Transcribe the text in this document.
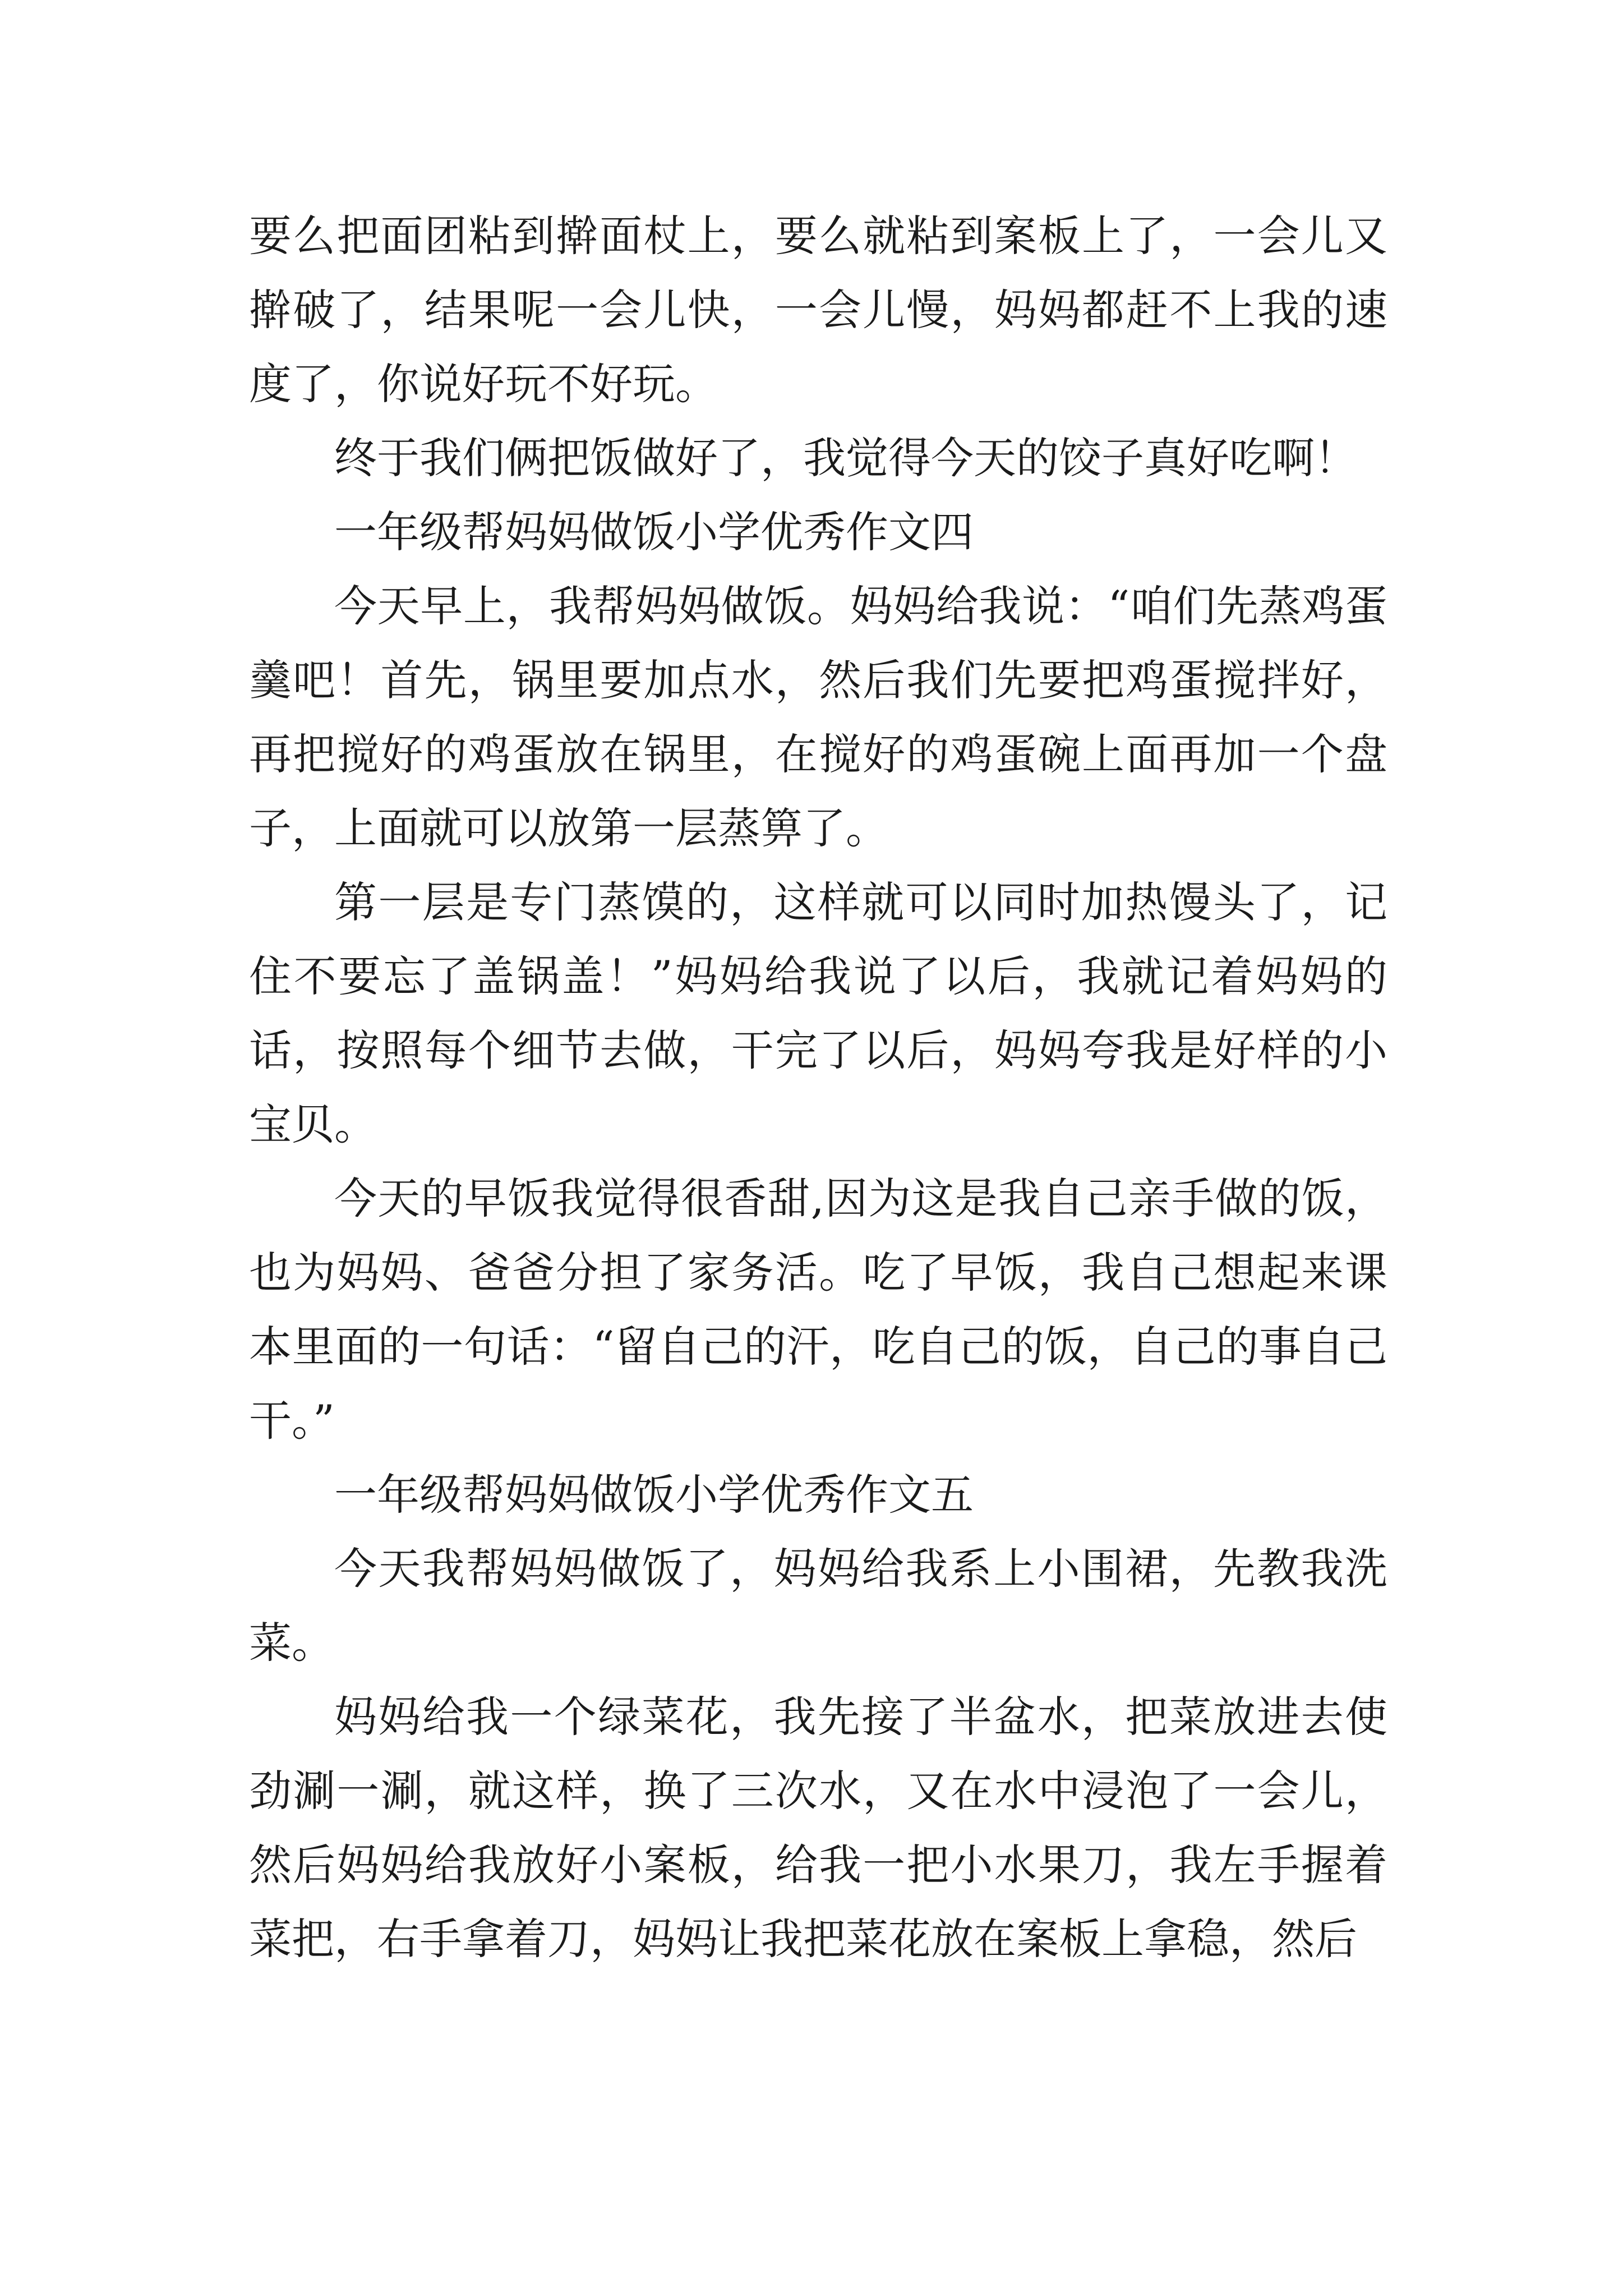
要么把面团粘到擀面杖上，要么就粘到案板上了，一会儿又擀破了，结果呢一会儿快，一会儿慢，妈妈都赶不上我的速度了，你说好玩不好玩。

终于我们俩把饭做好了，我觉得今天的饺子真好吃啊！

一年级帮妈妈做饭小学优秀作文四

今天早上，我帮妈妈做饭。妈妈给我说：“咱们先蒸鸡蛋羹吧！首先，锅里要加点水，然后我们先要把鸡蛋搅拌好，再把搅好的鸡蛋放在锅里，在搅好的鸡蛋碗上面再加一个盘子，上面就可以放第一层蒸箅了。

第一层是专门蒸馍的，这样就可以同时加热馒头了，记住不要忘了盖锅盖！”妈妈给我说了以后，我就记着妈妈的话，按照每个细节去做，干完了以后，妈妈夸我是好样的小宝贝。

今天的早饭我觉得很香甜,因为这是我自己亲手做的饭，也为妈妈、爸爸分担了家务活。吃了早饭，我自己想起来课本里面的一句话：“留自己的汗，吃自己的饭，自己的事自己干。”

一年级帮妈妈做饭小学优秀作文五

今天我帮妈妈做饭了，妈妈给我系上小围裙，先教我洗菜。

妈妈给我一个绿菜花，我先接了半盆水，把菜放进去使劲涮一涮，就这样，换了三次水，又在水中浸泡了一会儿，然后妈妈给我放好小案板，给我一把小水果刀，我左手握着菜把，右手拿着刀，妈妈让我把菜花放在案板上拿稳，然后
